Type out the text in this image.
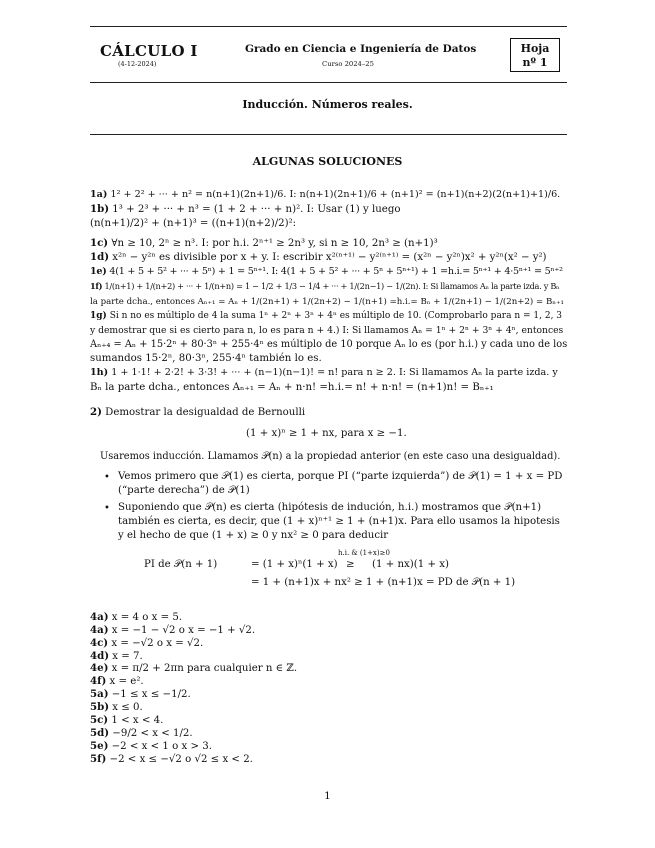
CÁLCULO I
(4-12-2024)
Grado en Ciencia e Ingeniería de Datos
Curso 2024–25
Hoja
nº 1
Inducción. Números reales.
ALGUNAS SOLUCIONES
1a) 1² + 2² + ··· + n² = n(n+1)(2n+1)/6. I: n(n+1)(2n+1)/6 + (n+1)² = (n+1)(n+2)(2(n+1)+1)/6.
1b) 1³ + 2³ + ··· + n³ = (1 + 2 + ··· + n)². I: Usar (1) y luego
(n(n+1)/2)² + (n+1)³ = ((n+1)(n+2)/2)²:
1c) ∀n ≥ 10, 2ⁿ ≥ n³. I: por h.i. 2ⁿ⁺¹ ≥ 2n³ y, si n ≥ 10, 2n³ ≥ (n+1)³
1d) x²ⁿ − y²ⁿ es divisible por x + y. I: escribir x²⁽ⁿ⁺¹⁾ − y²⁽ⁿ⁺¹⁾ = (x²ⁿ − y²ⁿ)x² + y²ⁿ(x² − y²)
1e) 4(1 + 5 + 5² + ··· + 5ⁿ) + 1 = 5ⁿ⁺¹. I: 4(1 + 5 + 5² + ··· + 5ⁿ + 5ⁿ⁺¹) + 1 =h.i.= 5ⁿ⁺¹ + 4·5ⁿ⁺¹ = 5ⁿ⁺²
1f) 1/(n+1) + 1/(n+2) + ··· + 1/(n+n) = 1 − 1/2 + 1/3 − 1/4 + ··· + 1/(2n−1) − 1/(2n). I: Si llamamos Aₙ la parte izda. y Bₙ
la parte dcha., entonces Aₙ₊₁ = Aₙ + 1/(2n+1) + 1/(2n+2) − 1/(n+1) =h.i.= Bₙ + 1/(2n+1) − 1/(2n+2) = Bₙ₊₁
1g) Si n no es múltiplo de 4 la suma 1ⁿ + 2ⁿ + 3ⁿ + 4ⁿ es múltiplo de 10. (Comprobarlo para n = 1, 2, 3
y demostrar que si es cierto para n, lo es para n + 4.) I: Si llamamos Aₙ = 1ⁿ + 2ⁿ + 3ⁿ + 4ⁿ, entonces
Aₙ₊₄ = Aₙ + 15·2ⁿ + 80·3ⁿ + 255·4ⁿ es múltiplo de 10 porque Aₙ lo es (por h.i.) y cada uno de los
sumandos 15·2ⁿ, 80·3ⁿ, 255·4ⁿ también lo es.
1h) 1 + 1·1! + 2·2! + 3·3! + ··· + (n−1)(n−1)! = n! para n ≥ 2. I: Si llamamos Aₙ la parte izda. y
Bₙ la parte dcha., entonces Aₙ₊₁ = Aₙ + n·n! =h.i.= n! + n·n! = (n+1)n! = Bₙ₊₁
2) Demostrar la desigualdad de Bernoulli
(1 + x)ⁿ ≥ 1 + nx, para x ≥ −1.
Usaremos inducción. Llamamos 𝒫(n) a la propiedad anterior (en este caso una desigualdad).
• Vemos primero que 𝒫(1) es cierta, porque PI (“parte izquierda”) de 𝒫(1) = 1 + x = PD (“parte derecha”) de 𝒫(1)
• Suponiendo que 𝒫(n) es cierta (hipótesis de indución, h.i.) mostramos que 𝒫(n+1) también es cierta, es decir, que (1 + x)ⁿ⁺¹ ≥ 1 + (n+1)x. Para ello usamos la hipotesis y el hecho de que (1 + x) ≥ 0 y nx² ≥ 0 para deducir
PI de 𝒫(n + 1)	= (1 + x)ⁿ(1 + x)
h.i. & (1+x)≥0
≥ (1 + nx)(1 + x)
= 1 + (n+1)x + nx² ≥ 1 + (n+1)x = PD de 𝒫(n + 1)
4a) x = 4 o x = 5.
4a) x = −1 − √2 o x = −1 + √2.
4c) x = −√2 o x = √2.
4d) x = 7.
4e) x = π/2 + 2πn para cualquier n ∈ ℤ.
4f) x = e².
5a) −1 ≤ x ≤ −1/2.
5b) x ≤ 0.
5c) 1 < x < 4.
5d) −9/2 < x < 1/2.
5e) −2 < x < 1 o x > 3.
5f) −2 < x ≤ −√2 o √2 ≤ x < 2.
1
